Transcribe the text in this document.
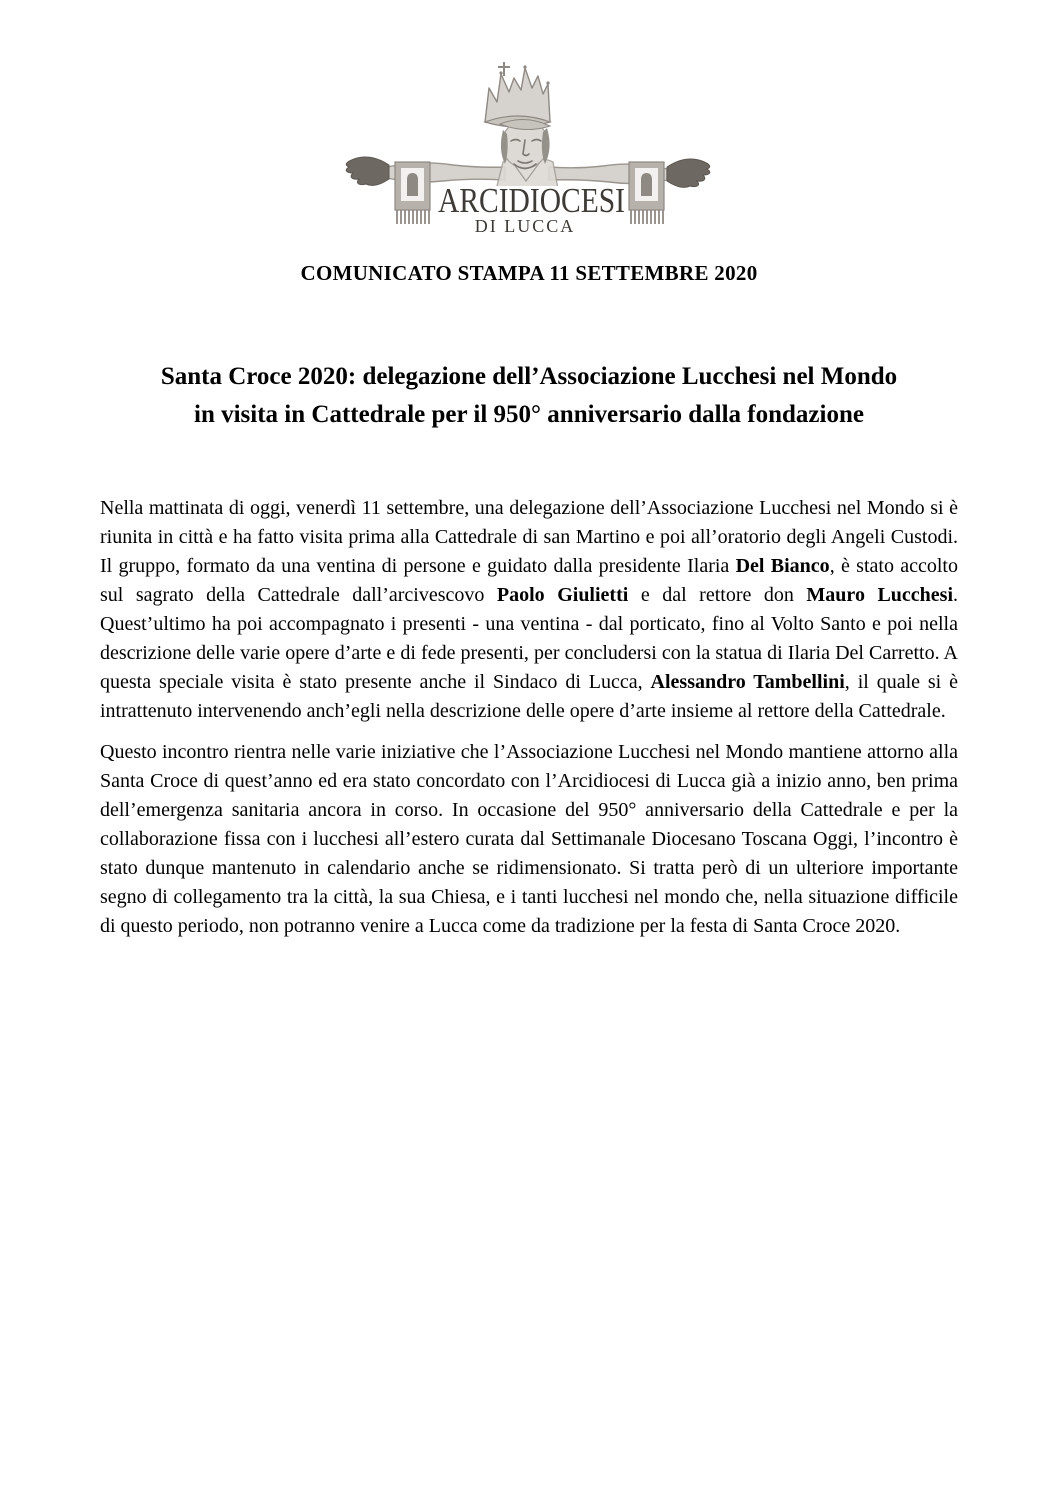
ARCIDIOCESI
DI LUCCA
COMUNICATO STAMPA 11 SETTEMBRE 2020
Santa Croce 2020: delegazione dell’Associazione Lucchesi nel Mondo
in visita in Cattedrale per il 950° anniversario dalla fondazione

Nella mattinata di oggi, venerdì 11 settembre, una delegazione dell’Associazione Lucchesi nel Mondo si è riunita in città e ha fatto visita prima alla Cattedrale di san Martino e poi all’oratorio degli Angeli Custodi. Il gruppo, formato da una ventina di persone e guidato dalla presidente Ilaria Del Bianco, è stato accolto sul sagrato della Cattedrale dall’arcivescovo Paolo Giulietti e dal rettore don Mauro Lucchesi. Quest’ultimo ha poi accompagnato i presenti - una ventina - dal porticato, fino al Volto Santo e poi nella descrizione delle varie opere d’arte e di fede presenti, per concludersi con la statua di Ilaria Del Carretto. A questa speciale visita è stato presente anche il Sindaco di Lucca, Alessandro Tambellini, il quale si è intrattenuto intervenendo anch’egli nella descrizione delle opere d’arte insieme al rettore della Cattedrale.

Questo incontro rientra nelle varie iniziative che l’Associazione Lucchesi nel Mondo mantiene attorno alla Santa Croce di quest’anno ed era stato concordato con l’Arcidiocesi di Lucca già a inizio anno, ben prima dell’emergenza sanitaria ancora in corso. In occasione del 950° anniversario della Cattedrale e per la collaborazione fissa con i lucchesi all’estero curata dal Settimanale Diocesano Toscana Oggi, l’incontro è stato dunque mantenuto in calendario anche se ridimensionato. Si tratta però di un ulteriore importante segno di collegamento tra la città, la sua Chiesa, e i tanti lucchesi nel mondo che, nella situazione difficile di questo periodo, non potranno venire a Lucca come da tradizione per la festa di Santa Croce 2020.
